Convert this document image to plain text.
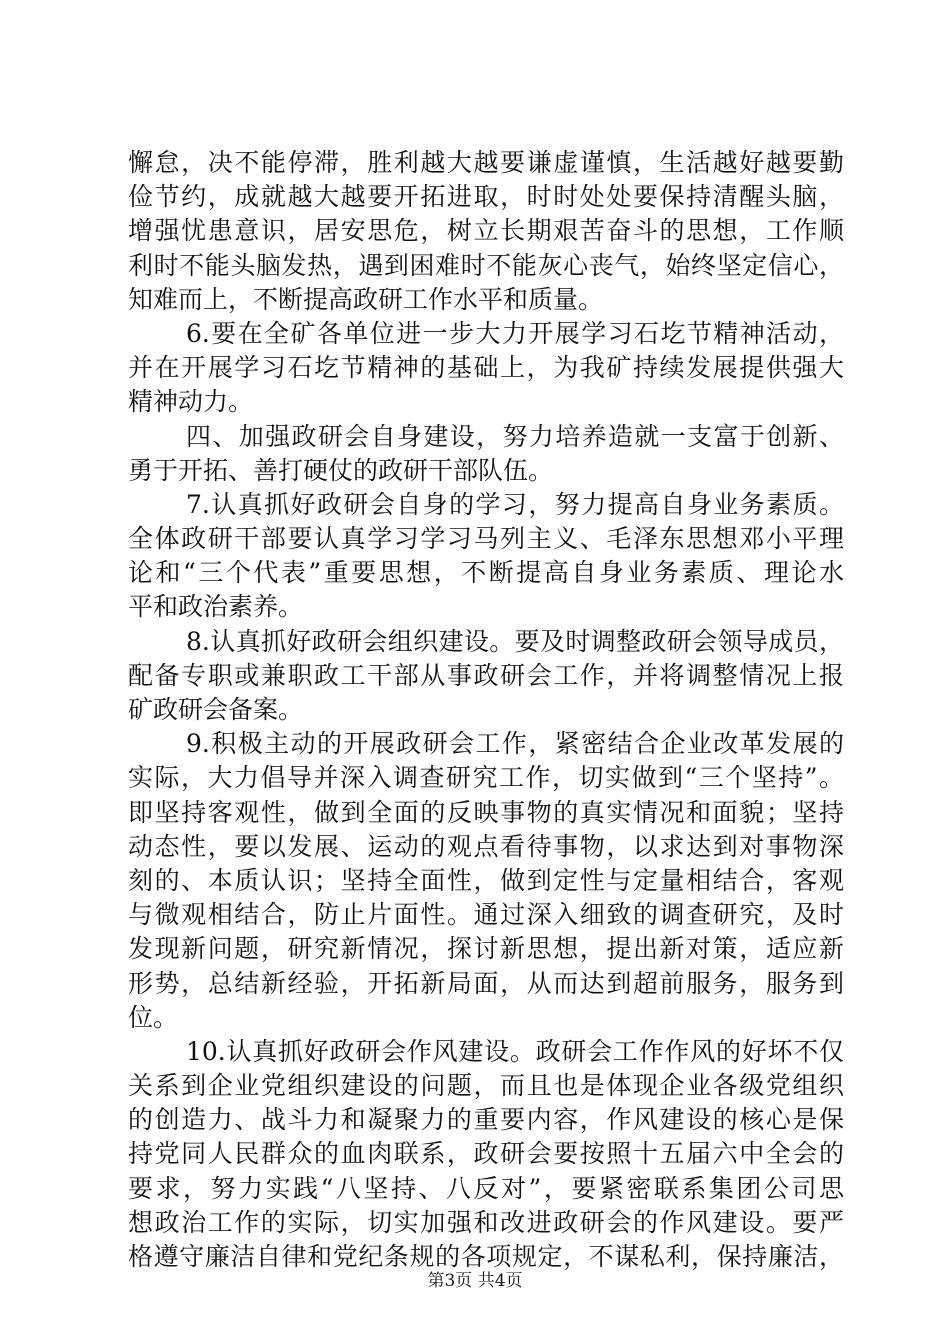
懈怠，决不能停滞，胜利越大越要谦虚谨慎，生活越好越要勤
俭节约，成就越大越要开拓进取，时时处处要保持清醒头脑，
增强忧患意识，居安思危，树立长期艰苦奋斗的思想，工作顺
利时不能头脑发热，遇到困难时不能灰心丧气，始终坚定信心，
知难而上，不断提高政研工作水平和质量。
6.要在全矿各单位进一步大力开展学习石圪节精神活动，
并在开展学习石圪节精神的基础上，为我矿持续发展提供强大
精神动力。
四、加强政研会自身建设，努力培养造就一支富于创新、
勇于开拓、善打硬仗的政研干部队伍。
7.认真抓好政研会自身的学习，努力提高自身业务素质。
全体政研干部要认真学习学习马列主义、毛泽东思想邓小平理
论和“三个代表”重要思想，不断提高自身业务素质、理论水
平和政治素养。
8.认真抓好政研会组织建设。要及时调整政研会领导成员，
配备专职或兼职政工干部从事政研会工作，并将调整情况上报
矿政研会备案。
9.积极主动的开展政研会工作，紧密结合企业改革发展的
实际，大力倡导并深入调查研究工作，切实做到“三个坚持”。
即坚持客观性，做到全面的反映事物的真实情况和面貌；坚持
动态性，要以发展、运动的观点看待事物，以求达到对事物深
刻的、本质认识；坚持全面性，做到定性与定量相结合，客观
与微观相结合，防止片面性。通过深入细致的调查研究，及时
发现新问题，研究新情况，探讨新思想，提出新对策，适应新
形势，总结新经验，开拓新局面，从而达到超前服务，服务到
位。
10.认真抓好政研会作风建设。政研会工作作风的好坏不仅
关系到企业党组织建设的问题，而且也是体现企业各级党组织
的创造力、战斗力和凝聚力的重要内容，作风建设的核心是保
持党同人民群众的血肉联系，政研会要按照十五届六中全会的
要求，努力实践“八坚持、八反对”，要紧密联系集团公司思
想政治工作的实际，切实加强和改进政研会的作风建设。要严
格遵守廉洁自律和党纪条规的各项规定，不谋私利，保持廉洁，
第3页 共4页
